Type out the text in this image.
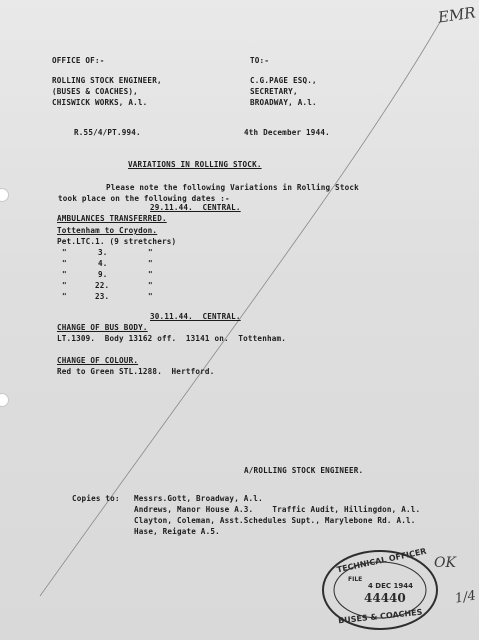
EMR
OFFICE OF:-
ROLLING STOCK ENGINEER,
(BUSES & COACHES),
CHISWICK WORKS, A.l.
TO:-
C.G.PAGE ESQ.,
SECRETARY,
BROADWAY, A.l.
R.55/4/PT.994.	4th December 1944.
VARIATIONS IN ROLLING STOCK.
Please note the following Variations in Rolling Stock
took place on the following dates :-
29.11.44.  CENTRAL.
AMBULANCES TRANSFERRED.
Tottenham to Croydon.
Pet.LTC.1. (9 stretchers)
"	3.	"
"	4.	"
"	9.	"
"	22.	"
"	23.	"
30.11.44.  CENTRAL.
CHANGE OF BUS BODY.
LT.1309.  Body 13162 off.  13141 on.  Tottenham.
CHANGE OF COLOUR.
Red to Green STL.1288.  Hertford.
A/ROLLING STOCK ENGINEER.
Copies to: Messrs.Gott, Broadway, A.l.
Andrews, Manor House A.3.    Traffic Audit, Hillingdon, A.l.
Clayton, Coleman, Asst.Schedules Supt., Marylebone Rd. A.l.
Hase, Reigate A.5.
TECHNICAL OFFICER
FILE
4 DEC 1944
44440
BUSES & COACHES
OK
1/4
